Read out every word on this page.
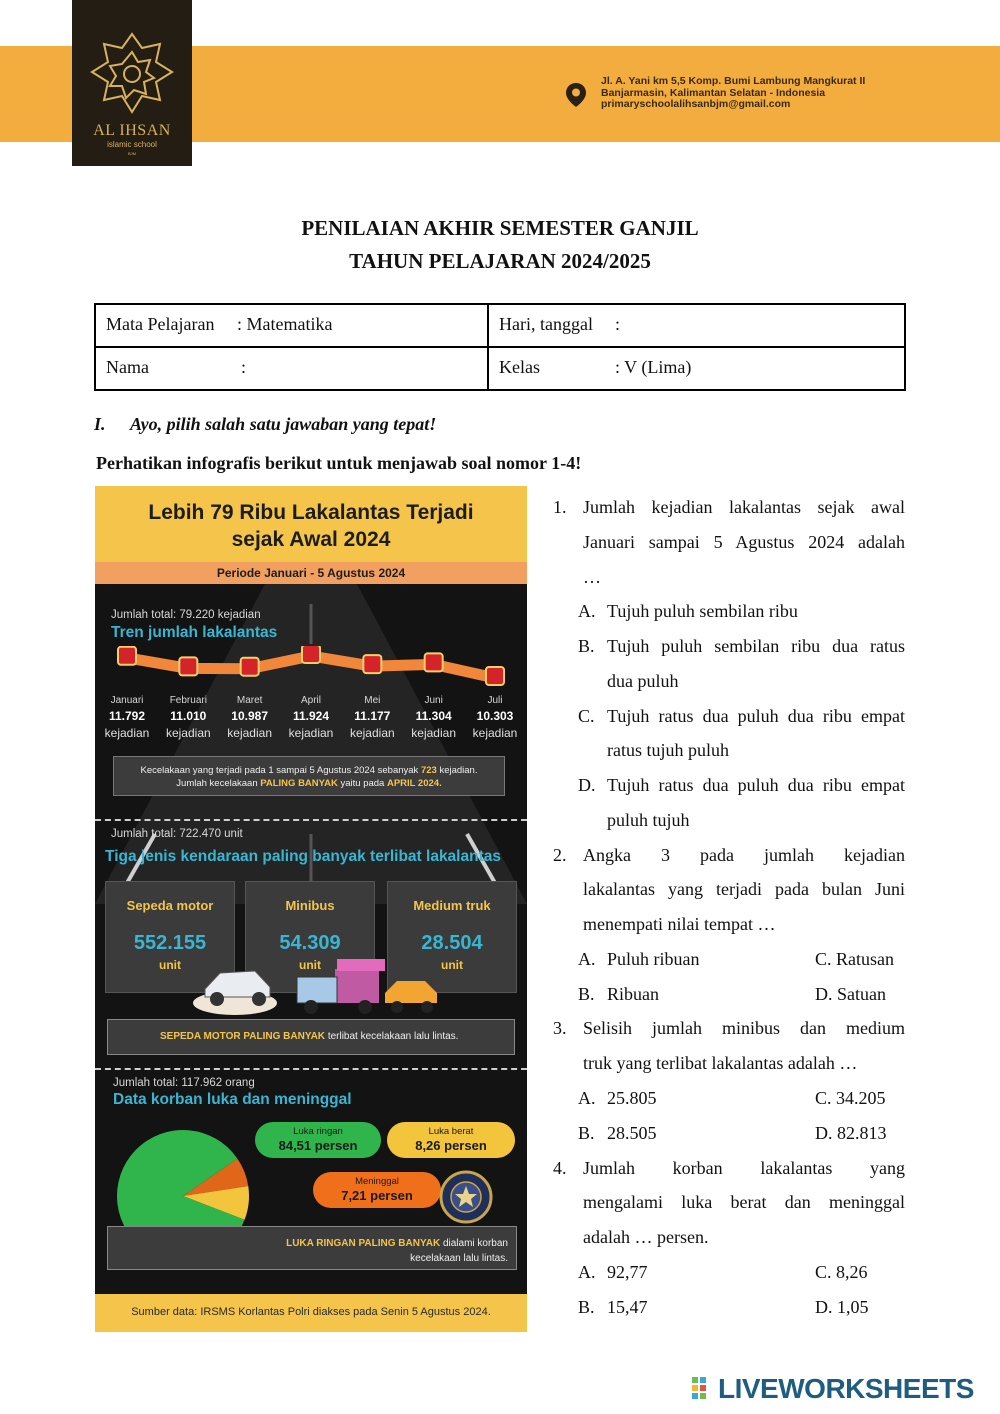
AL IHSAN
islamic school
BJM
Jl. A. Yani km 5,5 Komp. Bumi Lambung Mangkurat II
Banjarmasin, Kalimantan Selatan - Indonesia
primaryschoolalihsanbjm@gmail.com
PENILAIAN AKHIR SEMESTER GANJIL
TAHUN PELAJARAN 2024/2025
Mata Pelajaran : Matematika	Hari, tanggal :

Nama :	Kelas : V (Lima)
I. Ayo, pilih salah satu jawaban yang tepat!
Perhatikan infografis berikut untuk menjawab soal nomor 1-4!
Lebih 79 Ribu Lakalantas Terjadi
sejak Awal 2024
Periode Januari - 5 Agustus 2024
Jumlah total: 79.220 kejadian
Tren jumlah lakalantas
Januari
11.792
kejadian
Februari
11.010
kejadian
Maret
10.987
kejadian
April
11.924
kejadian
Mei
11.177
kejadian
Juni
11.304
kejadian
Juli
10.303
kejadian
Kecelakaan yang terjadi pada 1 sampai 5 Agustus 2024 sebanyak 723 kejadian.
Jumlah kecelakaan PALING BANYAK yaitu pada APRIL 2024.
Jumlah total: 722.470 unit
Tiga jenis kendaraan paling banyak terlibat lakalantas
Sepeda motor
552.155
unit
Minibus
54.309
unit
Medium truk
28.504
unit
SEPEDA MOTOR PALING BANYAK terlibat kecelakaan lalu lintas.
Jumlah total: 117.962 orang
Data korban luka dan meninggal
Luka ringan
84,51 persen
Luka berat
8,26 persen
Meninggal
7,21 persen
LUKA RINGAN PALING BANYAK dialami korban
kecelakaan lalu lintas.
Sumber data: IRSMS Korlantas Polri diakses pada Senin 5 Agustus 2024.
1. Jumlah kejadian lakalantas sejak awal
Januari sampai 5 Agustus 2024 adalah
…
A. Tujuh puluh sembilan ribu
B. Tujuh puluh sembilan ribu dua ratus
dua puluh
C. Tujuh ratus dua puluh dua ribu empat
ratus tujuh puluh
D. Tujuh ratus dua puluh dua ribu empat
puluh tujuh
2. Angka 3 pada jumlah kejadian
lakalantas yang terjadi pada bulan Juni
menempati nilai tempat …
A. Puluh ribuan	C. Ratusan
B. Ribuan	D. Satuan
3. Selisih jumlah minibus dan medium
truk yang terlibat lakalantas adalah …
A. 25.805	C. 34.205
B. 28.505	D. 82.813
4. Jumlah korban lakalantas yang
mengalami luka berat dan meninggal
adalah … persen.
A. 92,77	C. 8,26
B. 15,47	D. 1,05
LIVEWORKSHEETS
